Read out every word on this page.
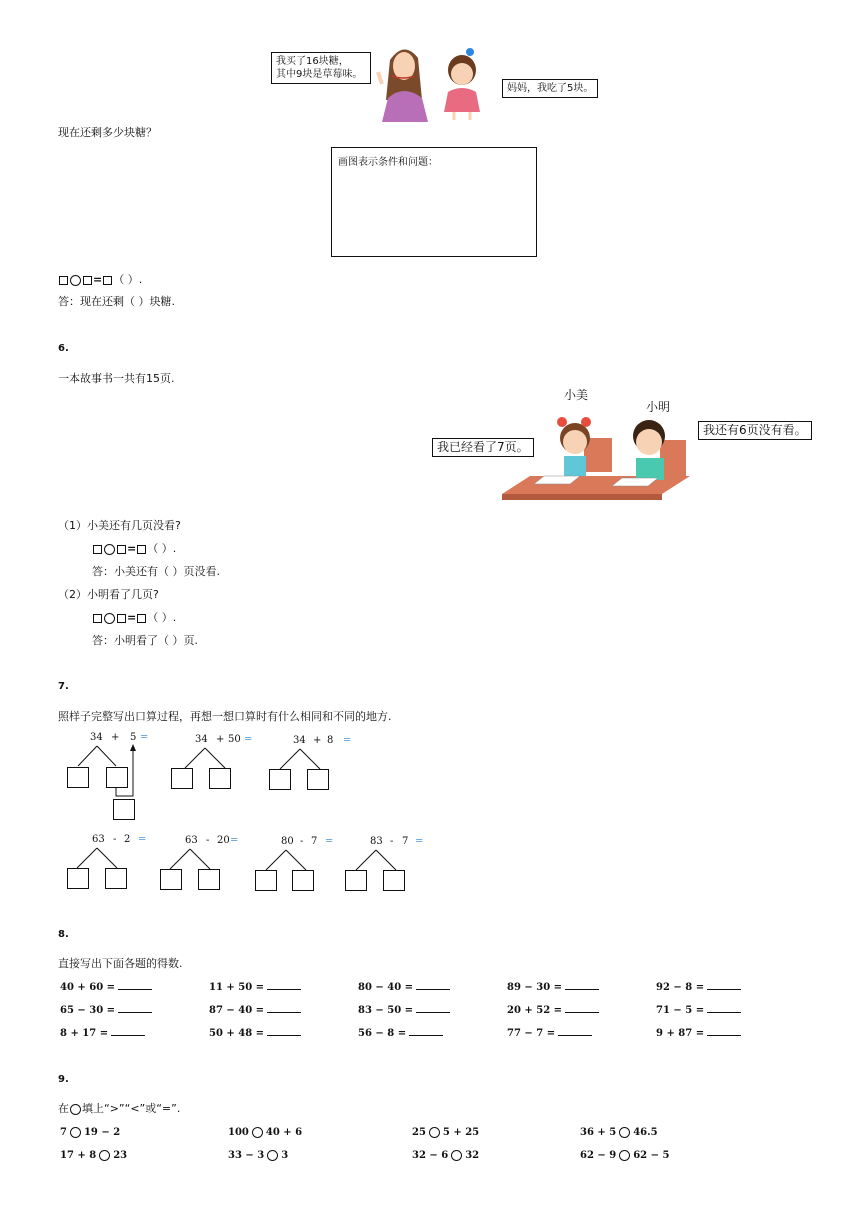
我买了16块糖，
其中9块是草莓味。
妈妈，我吃了5块。
现在还剩多少块糖？
画图表示条件和问题：
= （ ）.
答：现在还剩（ ）块糖.
6.
一本故事书一共有15页.
小美
小明
我已经看了7页。
我还有6页没有看。
（1）小美还有几页没看?
= （ ）.
答：小美还有（ ）页没看.
（2）小明看了几页?
= （ ）.
答：小明看了（ ）页.
7.
照样子完整写出口算过程，再想一想口算时有什么相同和不同的地方.
34 + 5 =	34 + 50 =	34 + 8 =
63 - 2 =	63 - 20 =	80 - 7 =	83 - 7 =
8.
直接写出下面各题的得数.
40 + 60 =	11 + 50 =	80 − 40 =	89 − 30 =	92 − 8 =
65 − 30 =	87 − 40 =	83 − 50 =	20 + 52 =	71 − 5 =
8 + 17 =	50 + 48 =	56 − 8 =	77 − 7 =	9 + 87 =
9.
在 填上“>”“<”或“=”.
7 19 − 2	100 40 + 6	25 5 + 25	36 + 5 46.5
17 + 8 23	33 − 3 3	32 − 6 32	62 − 9 62 − 5
